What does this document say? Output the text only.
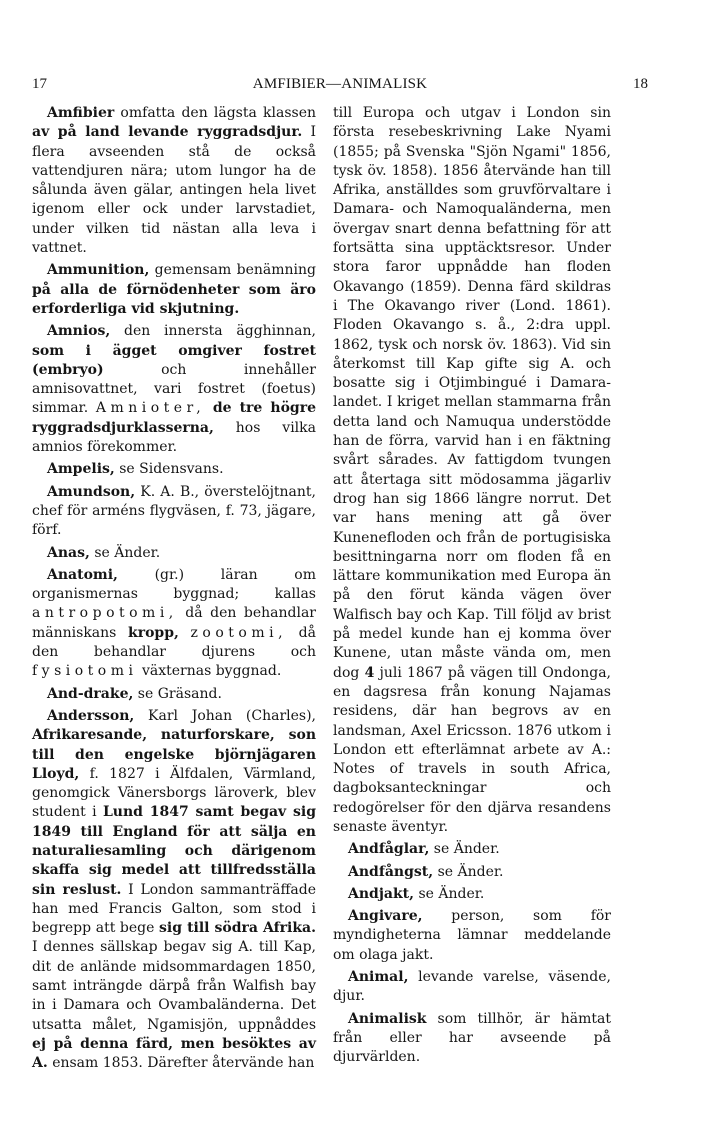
17	AMFIBIER—ANIMALISK	18

Amfibier omfatta den lägsta klassen av på land levande ryggradsdjur. I flera avseenden stå de också vattendjuren nära; utom lungor ha de sålunda även gälar, antingen hela livet igenom eller ock under larvstadiet, under vilken tid nästan alla leva i vattnet.

Ammunition, gemensam benämning på alla de förnödenheter som äro erforderliga vid skjutning.

Amnios, den innersta ägghinnan, som i ägget omgiver fostret (embryo) och innehåller amnisovattnet, vari fostret (foetus) simmar. Amnioter, de tre högre ryggradsdjurklasserna, hos vilka amnios förekommer.

Ampelis, se Sidensvans.

Amundson, K. A. B., överstelöjtnant, chef för arméns flygväsen, f. 73, jägare, förf.

Anas, se Änder.

Anatomi, (gr.) läran om organismernas byggnad; kallas antropotomi, då den behandlar människans kropp, zootomi, då den behandlar djurens och fysiotomi växternas byggnad.

And-drake, se Gräsand.

Andersson, Karl Johan (Charles), Afrikaresande, naturforskare, son till den engelske björnjägaren Lloyd, f. 1827 i Älfdalen, Värmland, genomgick Vänersborgs läroverk, blev student i Lund 1847 samt begav sig 1849 till England för att sälja en naturaliesamling och därigenom skaffa sig medel att tillfredsställa sin reslust. I London sammanträffade han med Francis Galton, som stod i begrepp att bege sig till södra Afrika. I dennes sällskap begav sig A. till Kap, dit de anlände midsommardagen 1850, samt inträngde därpå från Walfish bay in i Damara och Ovambaländerna. Det utsatta målet, Ngamisjön, uppnåddes ej på denna färd, men besöktes av A. ensam 1853. Därefter återvände han

till Europa och utgav i London sin första resebeskrivning Lake Nyami (1855; på Svenska "Sjön Ngami" 1856, tysk öv. 1858). 1856 återvände han till Afrika, anställdes som gruvförvaltare i Damara- och Namoqualänderna, men övergav snart denna befattning för att fortsätta sina upptäcktsresor. Under stora faror uppnådde han floden Okavango (1859). Denna färd skildras i The Okavango river (Lond. 1861). Floden Okavango s. å., 2:dra uppl. 1862, tysk och norsk öv. 1863). Vid sin återkomst till Kap gifte sig A. och bosatte sig i Otjimbingué i Damara-landet. I kriget mellan stammarna från detta land och Namuqua understödde han de förra, varvid han i en fäktning svårt sårades. Av fattigdom tvungen att återtaga sitt mödosamma jägarliv drog han sig 1866 längre norrut. Det var hans mening att gå över Kunenefloden och från de portugisiska besittningarna norr om floden få en lättare kommunikation med Europa än på den förut kända vägen över Walfisch bay och Kap. Till följd av brist på medel kunde han ej komma över Kunene, utan måste vända om, men dog 4 juli 1867 på vägen till Ondonga, en dagsresa från konung Najamas residens, där han begrovs av en landsman, Axel Ericsson. 1876 utkom i London ett efterlämnat arbete av A.: Notes of travels in south Africa, dagboksanteckningar och redogörelser för den djärva resandens senaste äventyr.

Andfåglar, se Änder.

Andfångst, se Änder.

Andjakt, se Änder.

Angivare, person, som för myndigheterna lämnar meddelande om olaga jakt.

Animal, levande varelse, väsende, djur.

Animalisk som tillhör, är hämtat från eller har avseende på djurvärlden.
